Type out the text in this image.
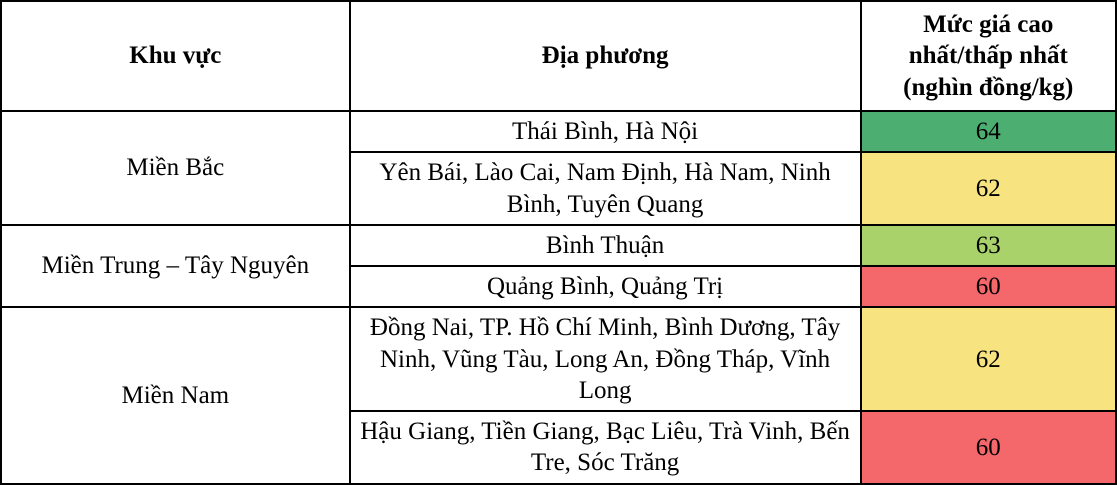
Khu vực	Địa phương	Mức giá cao
nhất/thấp nhất
(nghìn đồng/kg)

Miền Bắc	Thái Bình, Hà Nội	64
	Yên Bái, Lào Cai, Nam Định, Hà Nam, Ninh Bình, Tuyên Quang	62
Miền Trung – Tây Nguyên	Bình Thuận	63
	Quảng Bình, Quảng Trị	60
Miền Nam	Đồng Nai, TP. Hồ Chí Minh, Bình Dương, Tây Ninh, Vũng Tàu, Long An, Đồng Tháp, Vĩnh Long	62
	Hậu Giang, Tiền Giang, Bạc Liêu, Trà Vinh, Bến Tre, Sóc Trăng	60
